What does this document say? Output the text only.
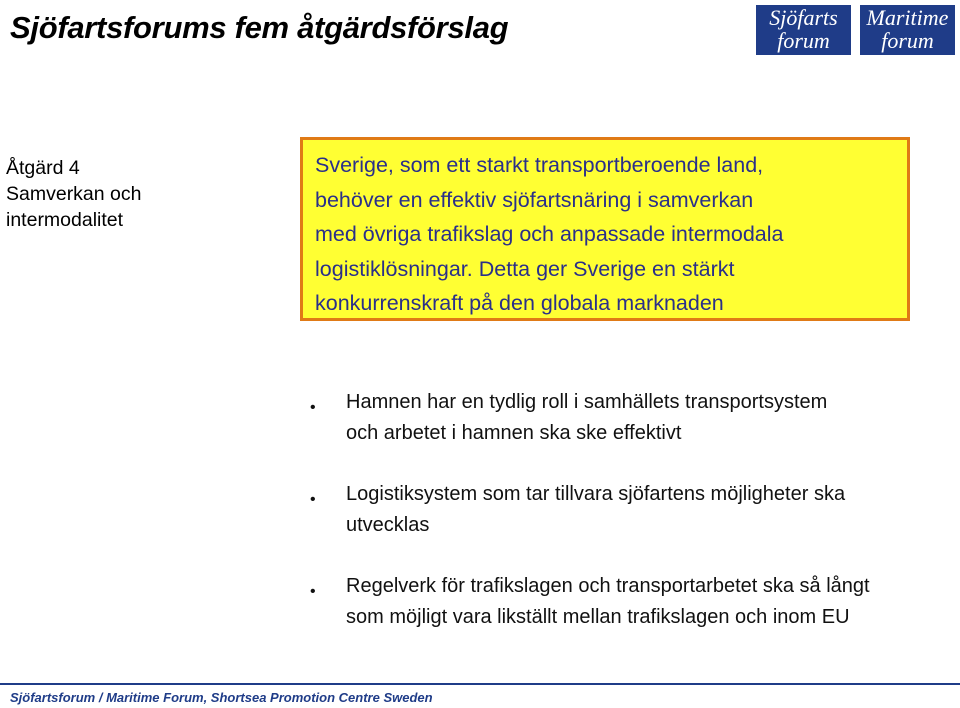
Sjöfartsforums fem åtgärdsförslag	Sjöfarts
forum
Maritime
forum
Åtgärd 4
Samverkan och
intermodalitet
Sverige, som ett starkt transportberoende land,
behöver en effektiv sjöfartsnäring i samverkan
med övriga trafikslag och anpassade intermodala
logistiklösningar. Detta ger Sverige en stärkt
konkurrenskraft på den globala marknaden
• Hamnen har en tydlig roll i samhällets transportsystem
och arbetet i hamnen ska ske effektivt
• Logistiksystem som tar tillvara sjöfartens möjligheter ska
utvecklas
• Regelverk för trafikslagen och transportarbetet ska så långt
som möjligt vara likställt mellan trafikslagen och inom EU
Sjöfartsforum / Maritime Forum, Shortsea Promotion Centre Sweden
